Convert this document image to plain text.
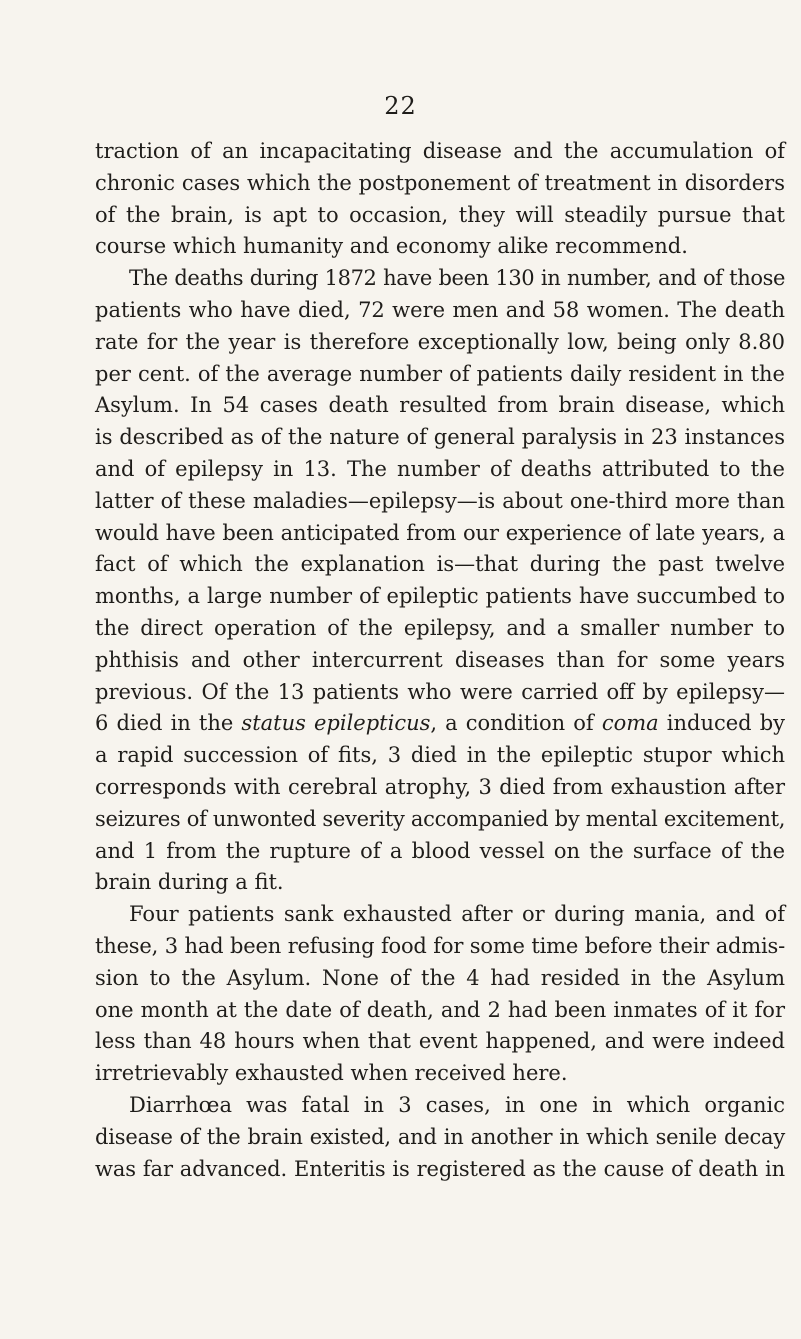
22
traction of an incapacitating disease and the accumulation of
chronic cases which the postponement of treatment in disorders
of the brain, is apt to occasion, they will steadily pursue that
course which humanity and economy alike recommend.
The deaths during 1872 have been 130 in number, and of those
patients who have died, 72 were men and 58 women. The death
rate for the year is therefore exceptionally low, being only 8.80
per cent. of the average number of patients daily resident in the
Asylum. In 54 cases death resulted from brain disease, which
is described as of the nature of general paralysis in 23 instances
and of epilepsy in 13. The number of deaths attributed to the
latter of these maladies—epilepsy—is about one-third more than
would have been anticipated from our experience of late years, a
fact of which the explanation is—that during the past twelve
months, a large number of epileptic patients have succumbed to
the direct operation of the epilepsy, and a smaller number to
phthisis and other intercurrent diseases than for some years
previous. Of the 13 patients who were carried off by epilepsy—
6 died in the status epilepticus, a condition of coma induced by
a rapid succession of fits, 3 died in the epileptic stupor which
corresponds with cerebral atrophy, 3 died from exhaustion after
seizures of unwonted severity accompanied by mental excitement,
and 1 from the rupture of a blood vessel on the surface of the
brain during a fit.
Four patients sank exhausted after or during mania, and of
these, 3 had been refusing food for some time before their admis-
sion to the Asylum. None of the 4 had resided in the Asylum
one month at the date of death, and 2 had been inmates of it for
less than 48 hours when that event happened, and were indeed
irretrievably exhausted when received here.
Diarrhœa was fatal in 3 cases, in one in which organic
disease of the brain existed, and in another in which senile decay
was far advanced. Enteritis is registered as the cause of death in
